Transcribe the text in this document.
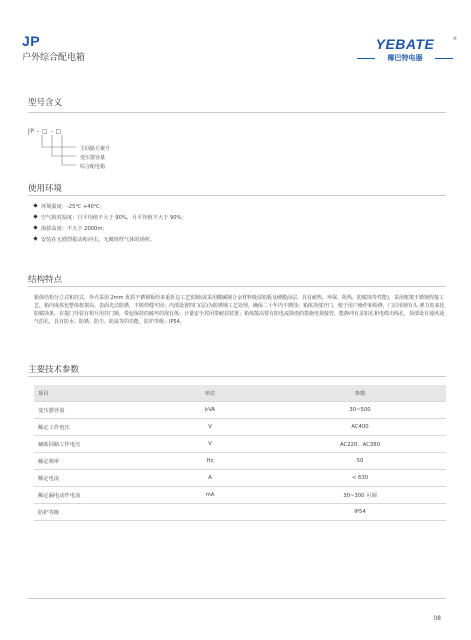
JP
户外综合配电箱
YEBATE	®
椰巴特电器
型号含义
JP - □ - □
主回路方案号
变压器容量
综合配电箱
使用环境
环境温度：-25℃ +40℃；
空气相对湿度：日平均值不大于 90%，月平均值不大于 90%；
海拔高度：不大于 2000m；
安装在无剧烈振动和冲击、无腐蚀性气体的场所。
结构特点
箱体结构分立式和挂式，外壳采用 2mm 优质不锈钢板经多重折边工艺密制(或采用酸碱钢合金材料吸湿铝板及硬膜涂层，具有耐热、环保、阻热、防腐蚀等性能)，采用框架不锈钢焊接工艺，箱内成体包整体框架高、表面光洁防锈，不脱焊缝牢固；内部设置四门(层)为防锈钢工艺处理，确保二十年内不锈蚀；箱体顶部开门，便于用户操作和检修，门启用锁有头 弹力密来化防腐蚀条，在提门导装有相互用挂门锁，带起保持的破坏的现有体；计量安全封闭带耐封装置；箱体散高要有防电流降雨的措施电视接管，能静冲有盖铝孔和电缆出线孔，顶部设有通风通气的孔，具有防水、防锈、防尘、防鼠等的功能，防护等级：IP54。
主要技术参数
项目	单位	参数
变压器容量	kVA	30~500
额定工作电压	V	AC400
辅助回路工作电压	V	AC220、AC380
额定频率	Hz	50
额定电流	A	< 630
额定漏电动作电流	mA	30~300 可调
防护等级		IP54
08
